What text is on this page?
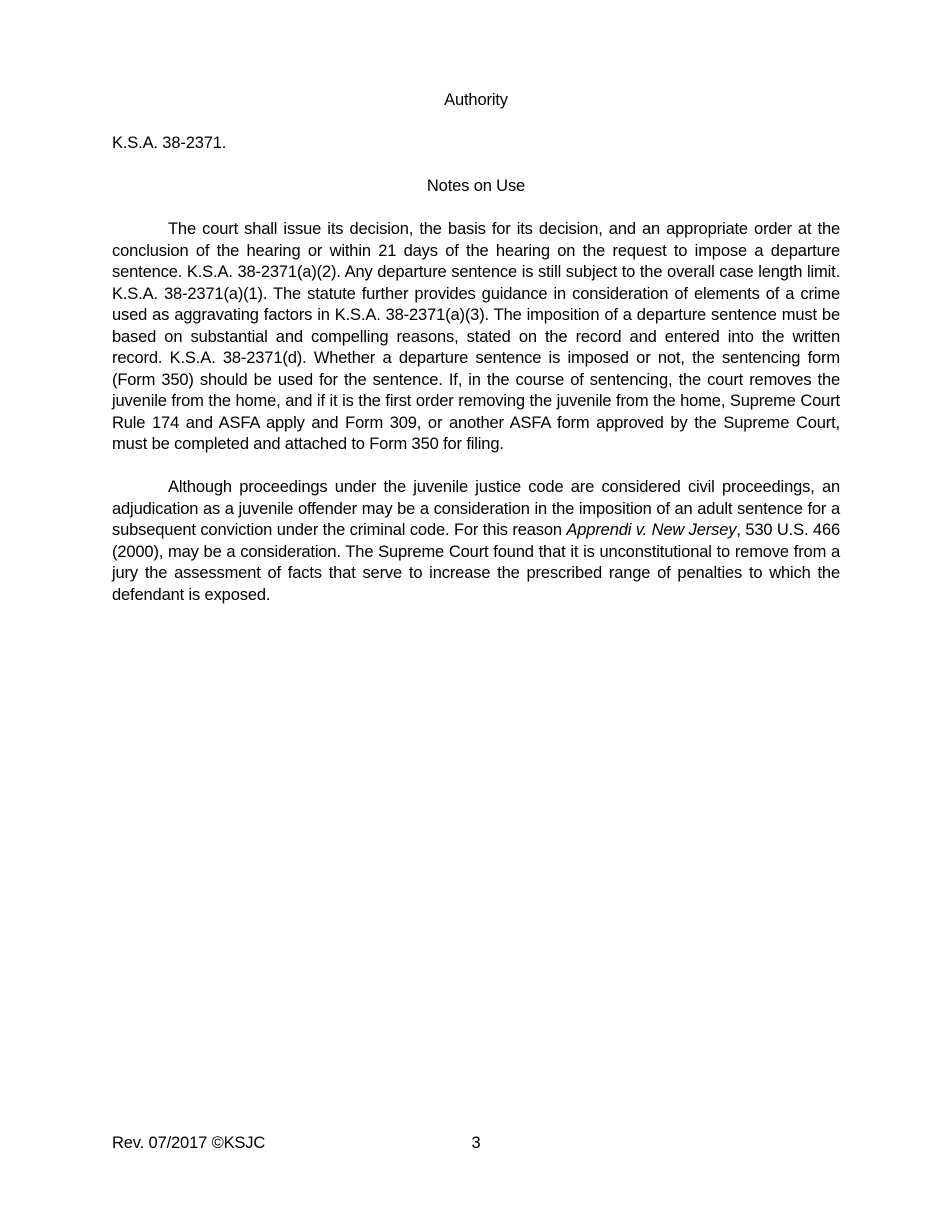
Authority
K.S.A. 38-2371.
Notes on Use

The court shall issue its decision, the basis for its decision, and an appropriate order at the conclusion of the hearing or within 21 days of the hearing on the request to impose a departure sentence. K.S.A. 38-2371(a)(2). Any departure sentence is still subject to the overall case length limit. K.S.A. 38-2371(a)(1). The statute further provides guidance in consideration of elements of a crime used as aggravating factors in K.S.A. 38-2371(a)(3). The imposition of a departure sentence must be based on substantial and compelling reasons, stated on the record and entered into the written record. K.S.A. 38-2371(d). Whether a departure sentence is imposed or not, the sentencing form (Form 350) should be used for the sentence. If, in the course of sentencing, the court removes the juvenile from the home, and if it is the first order removing the juvenile from the home, Supreme Court Rule 174 and ASFA apply and Form 309, or another ASFA form approved by the Supreme Court, must be completed and attached to Form 350 for filing.

Although proceedings under the juvenile justice code are considered civil proceedings, an adjudication as a juvenile offender may be a consideration in the imposition of an adult sentence for a subsequent conviction under the criminal code. For this reason Apprendi v. New Jersey, 530 U.S. 466 (2000), may be a consideration. The Supreme Court found that it is unconstitutional to remove from a jury the assessment of facts that serve to increase the prescribed range of penalties to which the defendant is exposed.

Rev. 07/2017 ©KSJC	3
